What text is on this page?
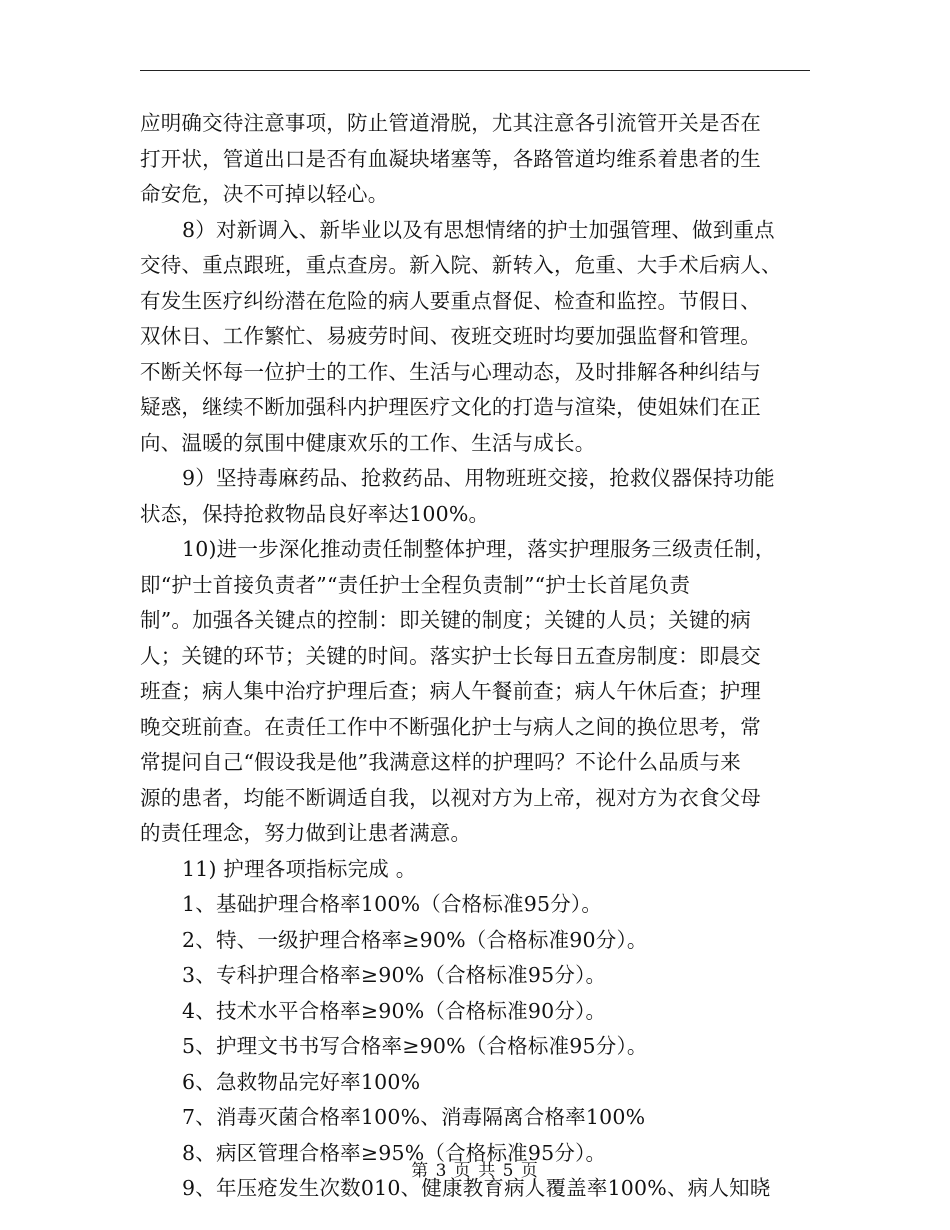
应明确交待注意事项，防止管道滑脱，尤其注意各引流管开关是否在
打开状，管道出口是否有血凝块堵塞等，各路管道均维系着患者的生
命安危，决不可掉以轻心。
8）对新调入、新毕业以及有思想情绪的护士加强管理、做到重点
交待、重点跟班，重点查房。新入院、新转入，危重、大手术后病人、
有发生医疗纠纷潜在危险的病人要重点督促、检查和监控。节假日、
双休日、工作繁忙、易疲劳时间、夜班交班时均要加强监督和管理。
不断关怀每一位护士的工作、生活与心理动态，及时排解各种纠结与
疑惑，继续不断加强科内护理医疗文化的打造与渲染，使姐妹们在正
向、温暖的氛围中健康欢乐的工作、生活与成长。
9）坚持毒麻药品、抢救药品、用物班班交接，抢救仪器保持功能
状态，保持抢救物品良好率达100%。
10)进一步深化推动责任制整体护理，落实护理服务三级责任制，
即“护士首接负责者”“责任护士全程负责制”“护士长首尾负责
制”。加强各关键点的控制：即关键的制度；关键的人员；关键的病
人；关键的环节；关键的时间。落实护士长每日五查房制度：即晨交
班查；病人集中治疗护理后查；病人午餐前查；病人午休后查；护理
晚交班前查。在责任工作中不断强化护士与病人之间的换位思考，常
常提问自己“假设我是他”我满意这样的护理吗？不论什么品质与来
源的患者，均能不断调适自我，以视对方为上帝，视对方为衣食父母
的责任理念，努力做到让患者满意。
11) 护理各项指标完成 。
1、基础护理合格率100%（合格标准95分）。
2、特、一级护理合格率≥90%（合格标准90分）。
3、专科护理合格率≥90%（合格标准95分）。
4、技术水平合格率≥90%（合格标准90分）。
5、护理文书书写合格率≥90%（合格标准95分）。
6、急救物品完好率100%
7、消毒灭菌合格率100%、消毒隔离合格率100%
8、病区管理合格率≥95%（合格标准95分）。
9、年压疮发生次数010、健康教育病人覆盖率100%、病人知晓
第 3 页 共 5 页
